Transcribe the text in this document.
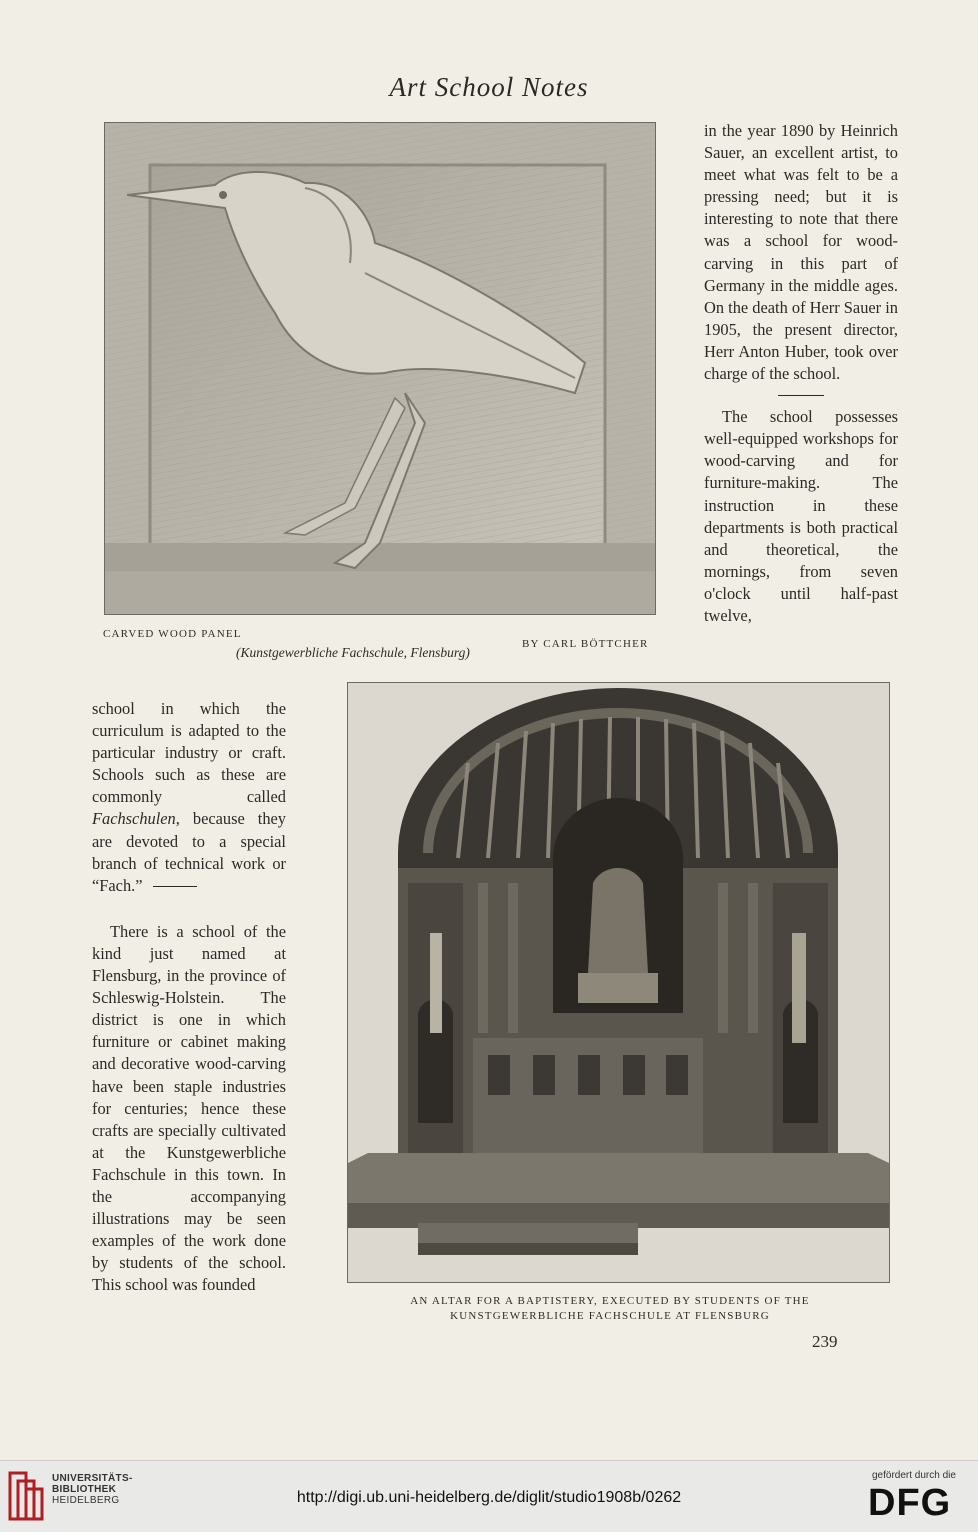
Art School Notes
CARVED WOOD PANEL
BY CARL BÖTTCHER
(Kunstgewerbliche Fachschule, Flensburg)

in the year 1890 by Heinrich Sauer, an excellent artist, to meet what was felt to be a pressing need; but it is interesting to note that there was a school for wood-carving in this part of Germany in the middle ages. On the death of Herr Sauer in 1905, the present director, Herr Anton Huber, took over charge of the school.

The school possesses well-equipped workshops for wood-carving and for furniture-making. The instruction in these departments is both practical and theoretical, the mornings, from seven o'clock until half-past twelve,

school in which the curriculum is adapted to the particular industry or craft. Schools such as these are commonly called Fachschulen, because they are devoted to a special branch of technical work or “Fach.”

There is a school of the kind just named at Flensburg, in the province of Schleswig-Holstein. The district is one in which furniture or cabinet making and decorative wood-carving have been staple industries for centuries; hence these crafts are specially cultivated at the Kunstgewerbliche Fachschule in this town. In the accompanying illustrations may be seen examples of the work done by students of the school. This school was founded

AN ALTAR FOR A BAPTISTERY, EXECUTED BY STUDENTS OF THE
KUNSTGEWERBLICHE FACHSCHULE AT FLENSBURG
239
UNIVERSITÄTS-
BIBLIOTHEK
HEIDELBERG	http://digi.ub.uni-heidelberg.de/diglit/studio1908b/0262
gefördert durch die
DFG
